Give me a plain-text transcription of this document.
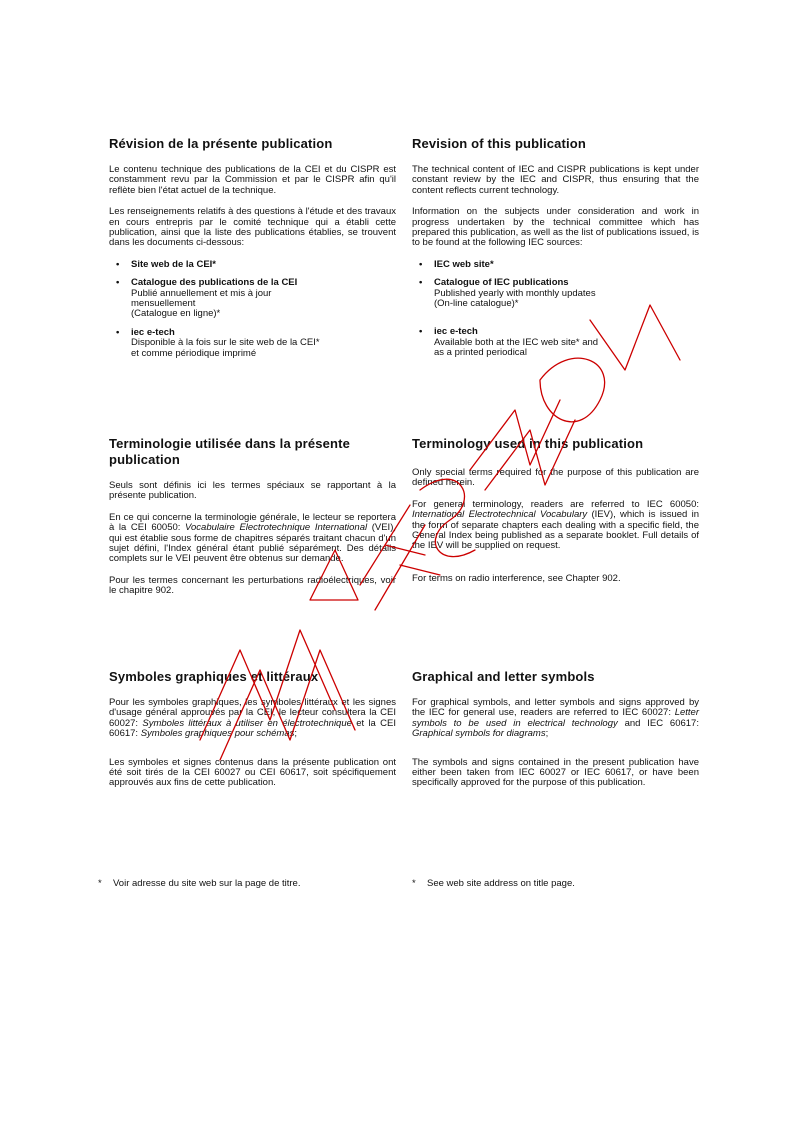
Révision de la présente publication

Le contenu technique des publications de la CEI et du CISPR est constamment revu par la Commission et par le CISPR afin qu'il reflète bien l'état actuel de la technique.

Les renseignements relatifs à des questions à l'étude et des travaux en cours entrepris par le comité technique qui a établi cette publication, ainsi que la liste des publications établies, se trouvent dans les documents ci-dessous:

• Site web de la CEI*
• Catalogue des publications de la CEI
Publié annuellement et mis à jour
mensuellement
(Catalogue en ligne)*
• iec e-tech
Disponible à la fois sur le site web de la CEI*
et comme périodique imprimé
Terminologie utilisée dans la présente publication

Seuls sont définis ici les termes spéciaux se rapportant à la présente publication.

En ce qui concerne la terminologie générale, le lecteur se reportera à la CEI 60050: Vocabulaire Electrotechnique International (VEI), qui est établie sous forme de chapitres séparés traitant chacun d'un sujet défini, l'Index général étant publié séparément. Des détails complets sur le VEI peuvent être obtenus sur demande.

Pour les termes concernant les perturbations radioélectriques, voir le chapitre 902.

Symboles graphiques et littéraux

Pour les symboles graphiques, les symboles littéraux et les signes d'usage général approuvés par la CEI, le lecteur consultera la CEI 60027: Symboles littéraux à utiliser en électrotechnique et la CEI 60617: Symboles graphiques pour schémas;

Les symboles et signes contenus dans la présente publication ont été soit tirés de la CEI 60027 ou CEI 60617, soit spécifiquement approuvés aux fins de cette publication.

Revision of this publication

The technical content of IEC and CISPR publications is kept under constant review by the IEC and CISPR, thus ensuring that the content reflects current technology.

Information on the subjects under consideration and work in progress undertaken by the technical committee which has prepared this publication, as well as the list of publications issued, is to be found at the following IEC sources:

• IEC web site*
• Catalogue of IEC publications
Published yearly with monthly updates
(On-line catalogue)*
• iec e-tech
Available both at the IEC web site* and
as a printed periodical
Terminology used in this publication

Only special terms required for the purpose of this publication are defined herein.

For general terminology, readers are referred to IEC 60050: International Electrotechnical Vocabulary (IEV), which is issued in the form of separate chapters each dealing with a specific field, the General Index being published as a separate booklet. Full details of the IEV will be supplied on request.

For terms on radio interference, see Chapter 902.

Graphical and letter symbols

For graphical symbols, and letter symbols and signs approved by the IEC for general use, readers are referred to IEC 60027: Letter symbols to be used in electrical technology and IEC 60617: Graphical symbols for diagrams;

The symbols and signs contained in the present publication have either been taken from IEC 60027 or IEC 60617, or have been specifically approved for the purpose of this publication.

* Voir adresse du site web sur la page de titre.	* See web site address on title page.
